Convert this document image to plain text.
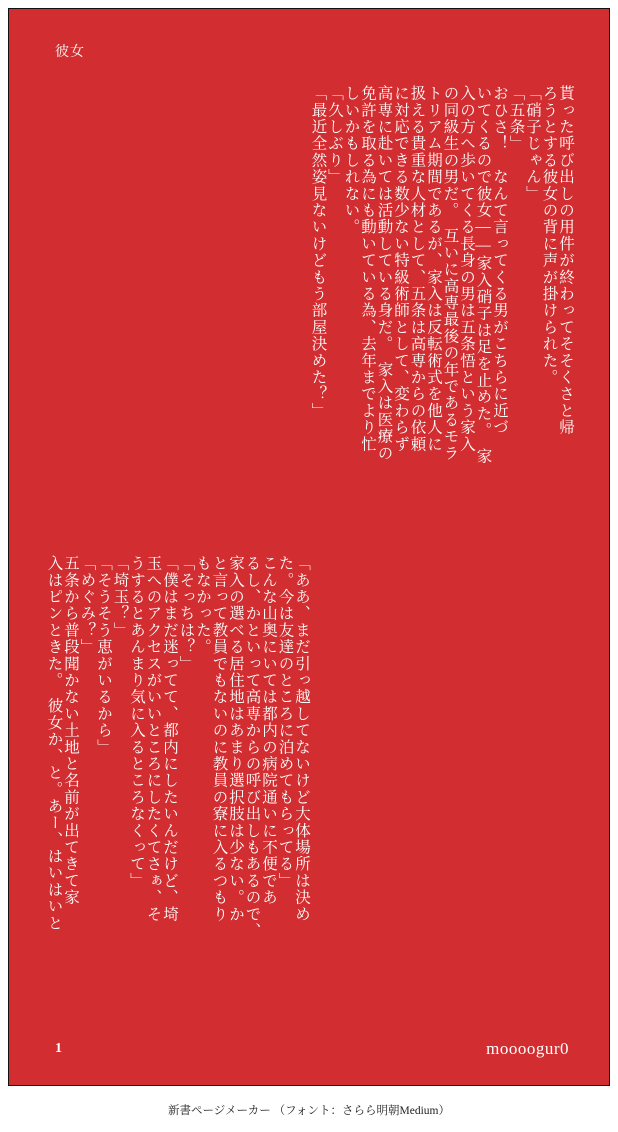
彼女
貰った呼び出しの用件が終わってそそくさと帰
ろうとする彼女の背に声が掛けられた。
「硝子じゃん」
「五条」
おひさ！　なんて言ってくる男がこちらに近づ
いてくるので彼女——家入硝子は足を止めた。　家
入の方へ歩いてくる長身の男は五条悟という家入
の同級生の男だ。　互いに高専最後の年であるモラ
トリアム期間であるが、家入は反転術式を他人に
扱える貴重な人材として、五条は高専からの依頼
に対応できる数少ない特級術師として、変わらず
高専に赴いては活動している身だ。　家入は医療の
免許を取る為にも動いている為、去年までより忙
しいかもしれない。
「久しぶり」
「最近全然姿見ないけどもう部屋決めた？」
「ああ、まだ引っ越してないけど大体場所は決め
た。今は友達のところに泊めてもらってる」
こんな山奥にいては都内の病院通いに不便であ
るし、かといって高専からの呼び出しもあるので、
家入の選べる居住地はあまり選択肢は少ない。か
と言って教員でもないのに教員の寮に入るつもり
もなかった。
「そっちは？」
「僕はまだ迷ってて、都内にしたいんだけど、埼
玉へのアクセスがいいところにしたくてさぁ、そ
うするとあんまり気に入るところなくって」
「埼玉？」
「そうそう恵がいるから」
「めぐみ？」
五条から普段聞かない土地と名前が出てきて家
入はピンときた。　彼女か、と。あー、はいはいと
1	moooogur0
新書ページメーカー （フォント：さらら明朝Medium）
